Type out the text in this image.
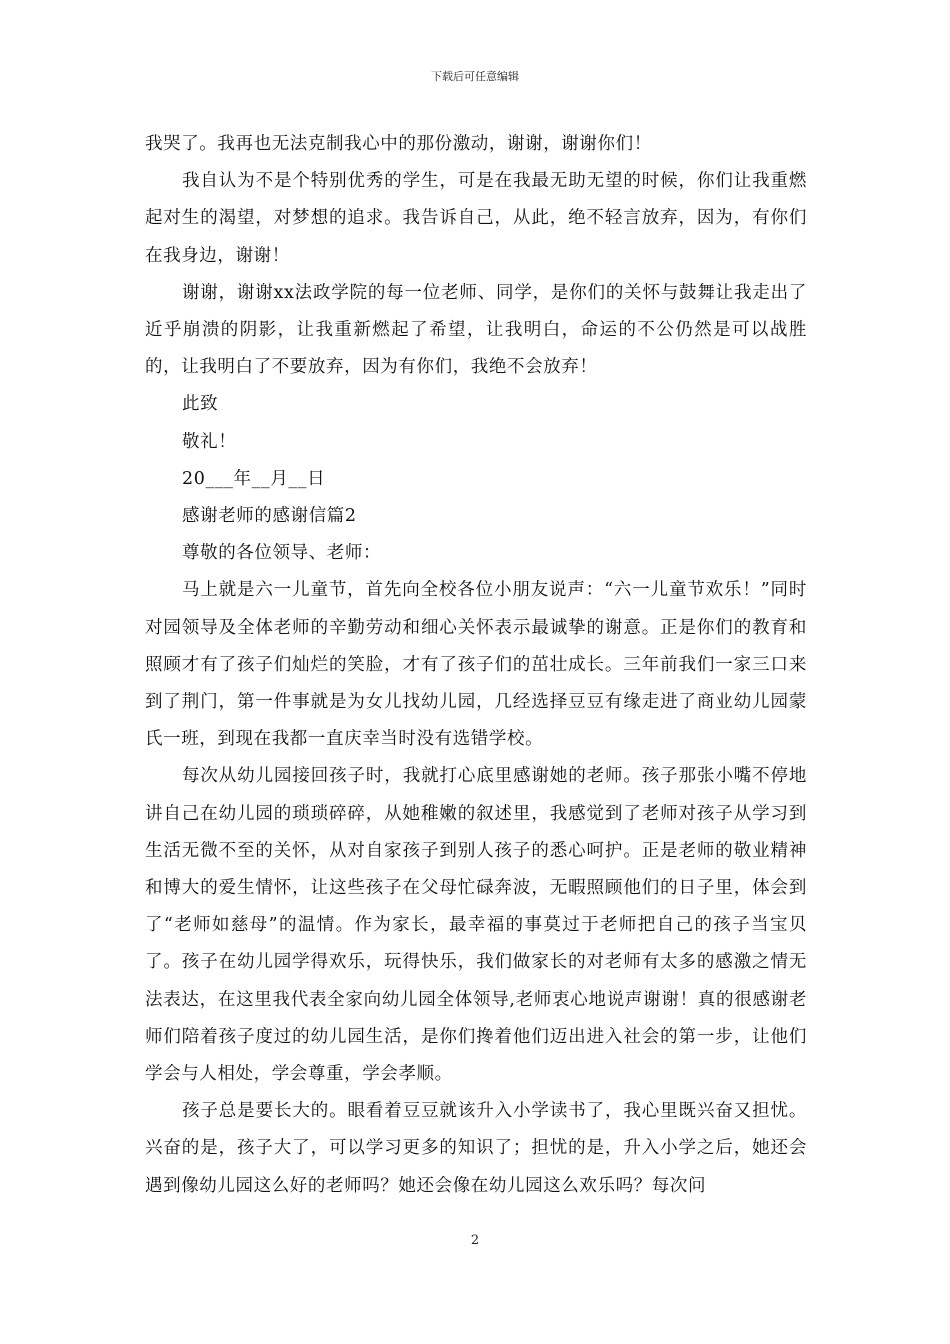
下载后可任意编辑

我哭了。我再也无法克制我心中的那份激动，谢谢，谢谢你们！

我自认为不是个特别优秀的学生，可是在我最无助无望的时候，你们让我重燃起对生的渴望，对梦想的追求。我告诉自己，从此，绝不轻言放弃，因为，有你们在我身边，谢谢！

谢谢，谢谢xx法政学院的每一位老师、同学，是你们的关怀与鼓舞让我走出了近乎崩溃的阴影，让我重新燃起了希望，让我明白，命运的不公仍然是可以战胜的，让我明白了不要放弃，因为有你们，我绝不会放弃！

此致

敬礼！

20___年__月__日

感谢老师的感谢信篇2

尊敬的各位领导、老师：

马上就是六一儿童节，首先向全校各位小朋友说声：“六一儿童节欢乐！”同时对园领导及全体老师的辛勤劳动和细心关怀表示最诚挚的谢意。正是你们的教育和照顾才有了孩子们灿烂的笑脸，才有了孩子们的茁壮成长。三年前我们一家三口来到了荆门，第一件事就是为女儿找幼儿园，几经选择豆豆有缘走进了商业幼儿园蒙氏一班，到现在我都一直庆幸当时没有选错学校。

每次从幼儿园接回孩子时，我就打心底里感谢她的老师。孩子那张小嘴不停地讲自己在幼儿园的琐琐碎碎，从她稚嫩的叙述里，我感觉到了老师对孩子从学习到生活无微不至的关怀，从对自家孩子到别人孩子的悉心呵护。正是老师的敬业精神和博大的爱生情怀，让这些孩子在父母忙碌奔波，无暇照顾他们的日子里，体会到了“老师如慈母”的温情。作为家长，最幸福的事莫过于老师把自己的孩子当宝贝了。孩子在幼儿园学得欢乐，玩得快乐，我们做家长的对老师有太多的感激之情无法表达，在这里我代表全家向幼儿园全体领导,老师衷心地说声谢谢！真的很感谢老师们陪着孩子度过的幼儿园生活，是你们搀着他们迈出进入社会的第一步，让他们学会与人相处，学会尊重，学会孝顺。

孩子总是要长大的。眼看着豆豆就该升入小学读书了，我心里既兴奋又担忧。兴奋的是，孩子大了，可以学习更多的知识了；担忧的是，升入小学之后，她还会遇到像幼儿园这么好的老师吗？她还会像在幼儿园这么欢乐吗？每次问

2
